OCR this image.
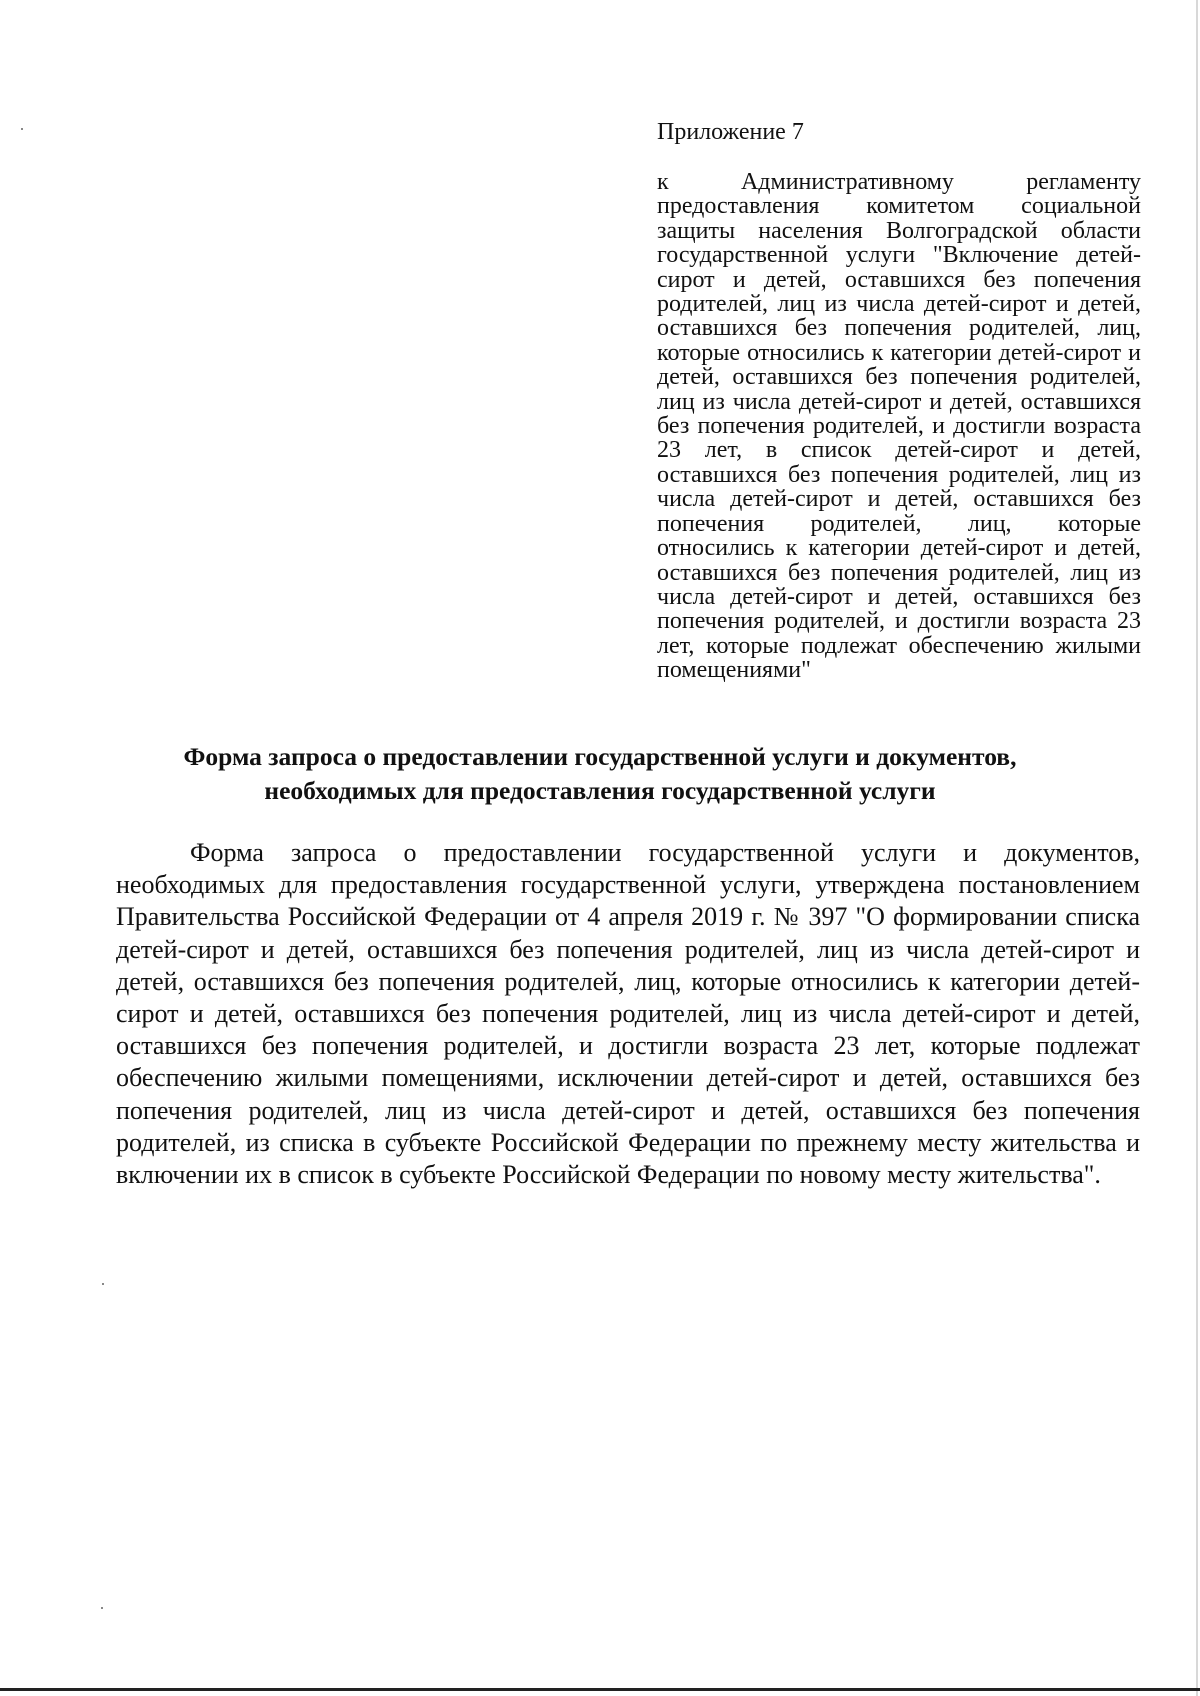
Приложение 7

к Административному регламенту предоставления комитетом социальной защиты населения Волгоградской области государственной услуги "Включение детей-сирот и детей, оставшихся без попечения родителей, лиц из числа детей-сирот и детей, оставшихся без попечения родителей, лиц, которые относились к категории детей-сирот и детей, оставшихся без попечения родителей, лиц из числа детей-сирот и детей, оставшихся без попечения родителей, и достигли возраста 23 лет, в список детей-сирот и детей, оставшихся без попечения родителей, лиц из числа детей-сирот и детей, оставшихся без попечения родителей, лиц, которые относились к категории детей-сирот и детей, оставшихся без попечения родителей, лиц из числа детей-сирот и детей, оставшихся без попечения родителей, и достигли возраста 23 лет, которые подлежат обеспечению жилыми помещениями"

Форма запроса о предоставлении государственной услуги и документов,
необходимых для предоставления государственной услуги

Форма запроса о предоставлении государственной услуги и документов, необходимых для предоставления государственной услуги, утверждена постановлением Правительства Российской Федерации от 4 апреля 2019 г. № 397 "О формировании списка детей-сирот и детей, оставшихся без попечения родителей, лиц из числа детей-сирот и детей, оставшихся без попечения родителей, лиц, которые относились к категории детей-сирот и детей, оставшихся без попечения родителей, лиц из числа детей-сирот и детей, оставшихся без попечения родителей, и достигли возраста 23 лет, которые подлежат обеспечению жилыми помещениями, исключении детей-сирот и детей, оставшихся без попечения родителей, лиц из числа детей-сирот и детей, оставшихся без попечения родителей, из списка в субъекте Российской Федерации по прежнему месту жительства и включении их в список в субъекте Российской Федерации по новому месту жительства".
